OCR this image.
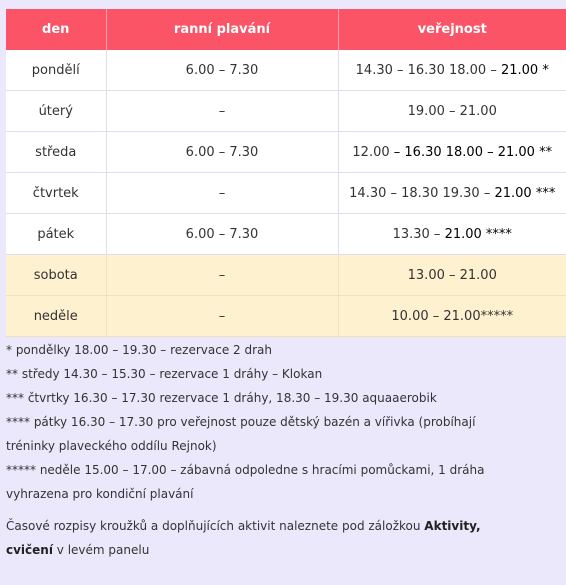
den	ranní plavání	veřejnost
pondělí	6.00 – 7.30	14.30 – 16.30 18.00 – 21.00 *
úterý	–	19.00 – 21.00
středa	6.00 – 7.30	12.00 – 16.30 18.00 – 21.00 **
čtvrtek	–	14.30 – 18.30 19.30 – 21.00 ***
pátek	6.00 – 7.30	13.30 – 21.00 ****
sobota	–	13.00 – 21.00
neděle	–	10.00 – 21.00*****

* pondělky 18.00 – 19.30 – rezervace 2 drah

** středy 14.30 – 15.30 – rezervace 1 dráhy – Klokan

*** čtvrtky 16.30 – 17.30 rezervace 1 dráhy, 18.30 – 19.30 aquaaerobik

**** pátky 16.30 – 17.30 pro veřejnost pouze dětský bazén a vířivka (probíhají

tréninky plaveckého oddílu Rejnok)

***** neděle 15.00 – 17.00 – zábavná odpoledne s hracími pomůckami, 1 dráha

vyhrazena pro kondiční plavání

Časové rozpisy kroužků a doplňujících aktivit naleznete pod záložkou Aktivity,
cvičení v levém panelu
